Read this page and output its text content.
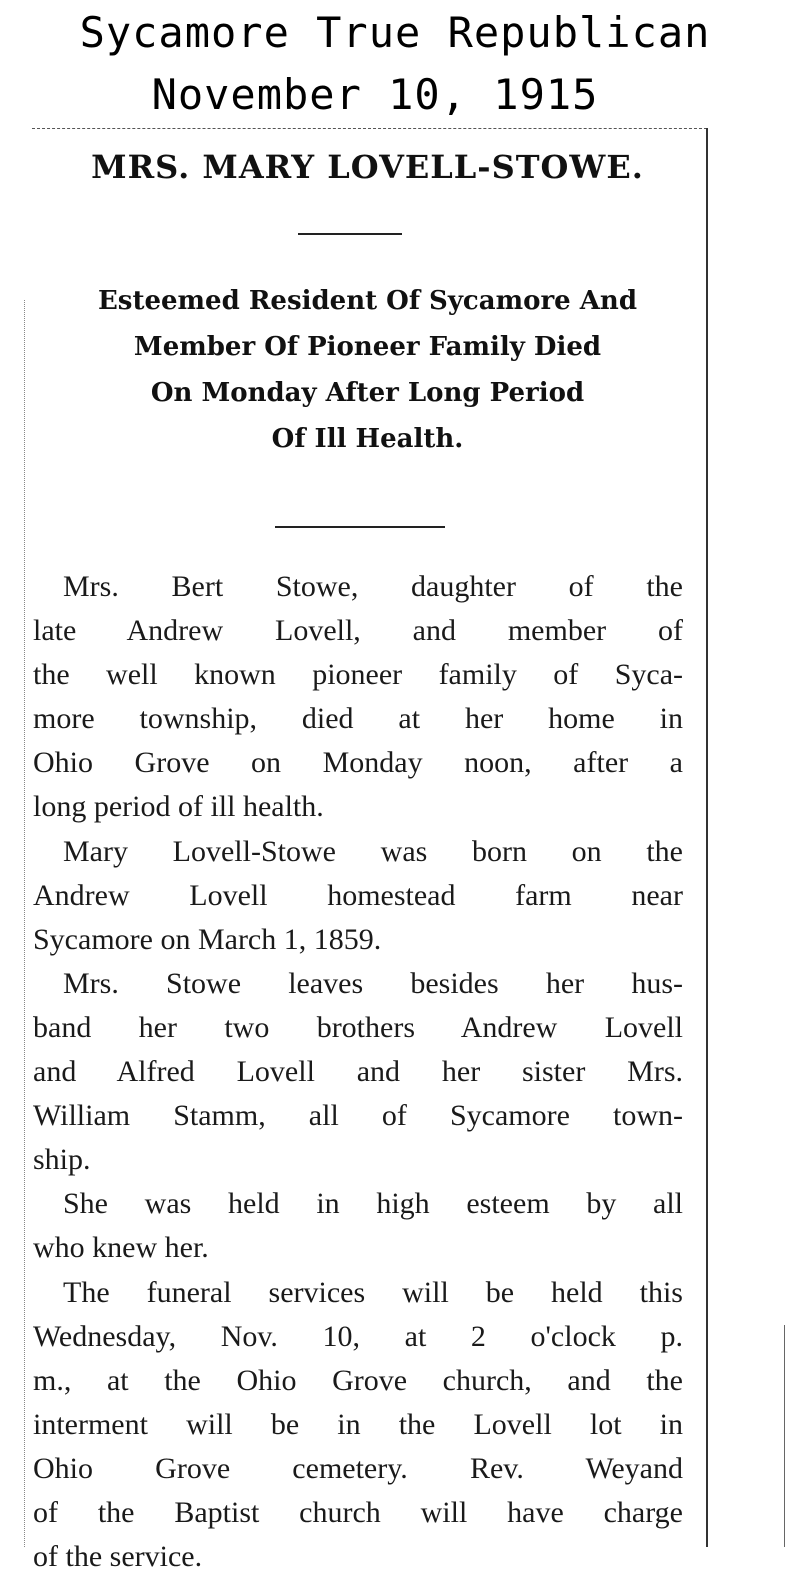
Sycamore True Republican
November 10, 1915
MRS. MARY LOVELL-STOWE.
Esteemed Resident Of Sycamore And
Member Of Pioneer Family Died
On Monday After Long Period
Of Ill Health.
Mrs. Bert Stowe, daughter of the
late Andrew Lovell, and member of
the well known pioneer family of Syca-
more township, died at her home in
Ohio Grove on Monday noon, after a
long period of ill health.
Mary Lovell-Stowe was born on the
Andrew Lovell homestead farm near
Sycamore on March 1, 1859.
Mrs. Stowe leaves besides her hus-
band her two brothers Andrew Lovell
and Alfred Lovell and her sister Mrs.
William Stamm, all of Sycamore town-
ship.
She was held in high esteem by all
who knew her.
The funeral services will be held this
Wednesday, Nov. 10, at 2 o'clock p.
m., at the Ohio Grove church, and the
interment will be in the Lovell lot in
Ohio Grove cemetery. Rev. Weyand
of the Baptist church will have charge
of the service.
